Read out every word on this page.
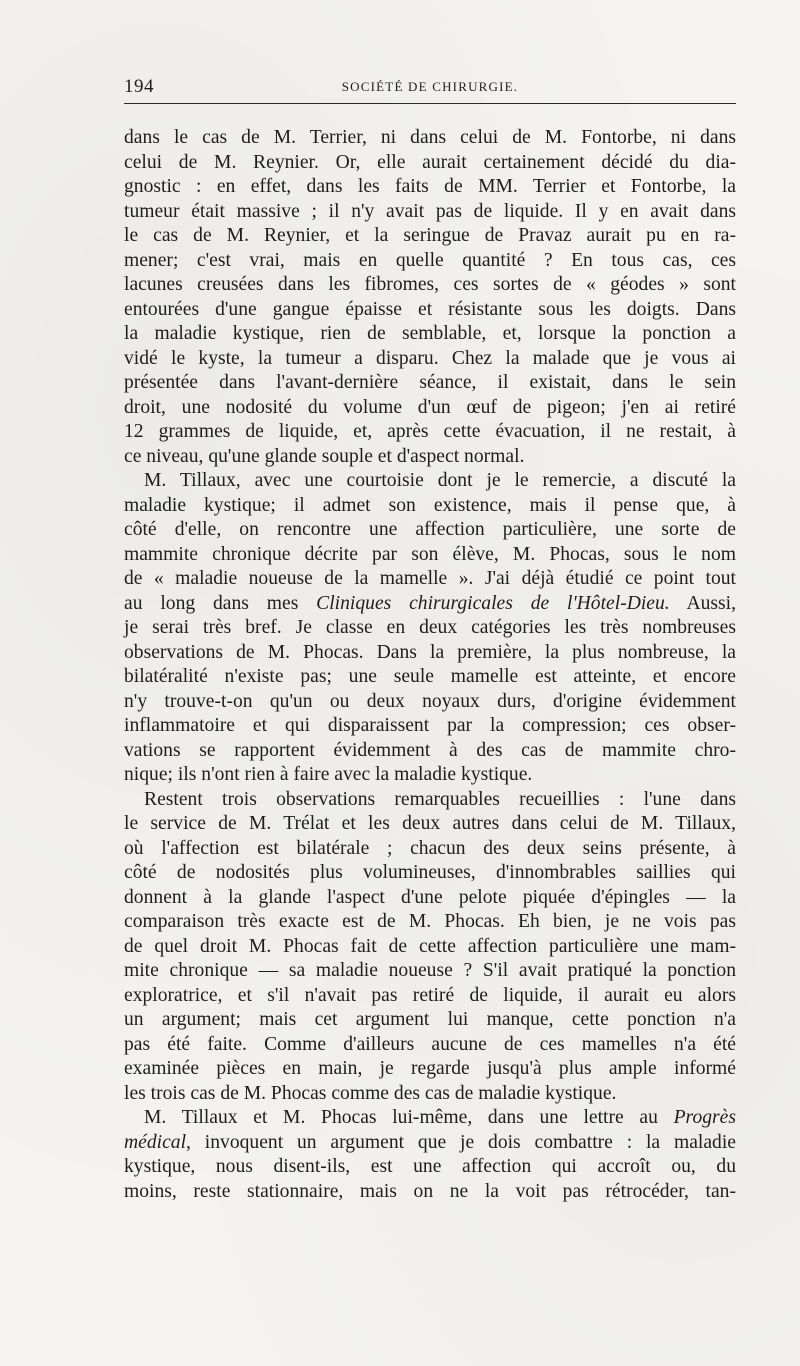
194	SOCIÉTÉ DE CHIRURGIE.
dans le cas de M. Terrier, ni dans celui de M. Fontorbe, ni dans
celui de M. Reynier. Or, elle aurait certainement décidé du dia-
gnostic : en effet, dans les faits de MM. Terrier et Fontorbe, la
tumeur était massive ; il n'y avait pas de liquide. Il y en avait dans
le cas de M. Reynier, et la seringue de Pravaz aurait pu en ra-
mener; c'est vrai, mais en quelle quantité ? En tous cas, ces
lacunes creusées dans les fibromes, ces sortes de « géodes » sont
entourées d'une gangue épaisse et résistante sous les doigts. Dans
la maladie kystique, rien de semblable, et, lorsque la ponction a
vidé le kyste, la tumeur a disparu. Chez la malade que je vous ai
présentée dans l'avant-dernière séance, il existait, dans le sein
droit, une nodosité du volume d'un œuf de pigeon; j'en ai retiré
12 grammes de liquide, et, après cette évacuation, il ne restait, à
ce niveau, qu'une glande souple et d'aspect normal.
M. Tillaux, avec une courtoisie dont je le remercie, a discuté la
maladie kystique; il admet son existence, mais il pense que, à
côté d'elle, on rencontre une affection particulière, une sorte de
mammite chronique décrite par son élève, M. Phocas, sous le nom
de « maladie noueuse de la mamelle ». J'ai déjà étudié ce point tout
au long dans mes Cliniques chirurgicales de l'Hôtel-Dieu. Aussi,
je serai très bref. Je classe en deux catégories les très nombreuses
observations de M. Phocas. Dans la première, la plus nombreuse, la
bilatéralité n'existe pas; une seule mamelle est atteinte, et encore
n'y trouve-t-on qu'un ou deux noyaux durs, d'origine évidemment
inflammatoire et qui disparaissent par la compression; ces obser-
vations se rapportent évidemment à des cas de mammite chro-
nique; ils n'ont rien à faire avec la maladie kystique.
Restent trois observations remarquables recueillies : l'une dans
le service de M. Trélat et les deux autres dans celui de M. Tillaux,
où l'affection est bilatérale ; chacun des deux seins présente, à
côté de nodosités plus volumineuses, d'innombrables saillies qui
donnent à la glande l'aspect d'une pelote piquée d'épingles — la
comparaison très exacte est de M. Phocas. Eh bien, je ne vois pas
de quel droit M. Phocas fait de cette affection particulière une mam-
mite chronique — sa maladie noueuse ? S'il avait pratiqué la ponction
exploratrice, et s'il n'avait pas retiré de liquide, il aurait eu alors
un argument; mais cet argument lui manque, cette ponction n'a
pas été faite. Comme d'ailleurs aucune de ces mamelles n'a été
examinée pièces en main, je regarde jusqu'à plus ample informé
les trois cas de M. Phocas comme des cas de maladie kystique.
M. Tillaux et M. Phocas lui-même, dans une lettre au Progrès
médical, invoquent un argument que je dois combattre : la maladie
kystique, nous disent-ils, est une affection qui accroît ou, du
moins, reste stationnaire, mais on ne la voit pas rétrocéder, tan-
